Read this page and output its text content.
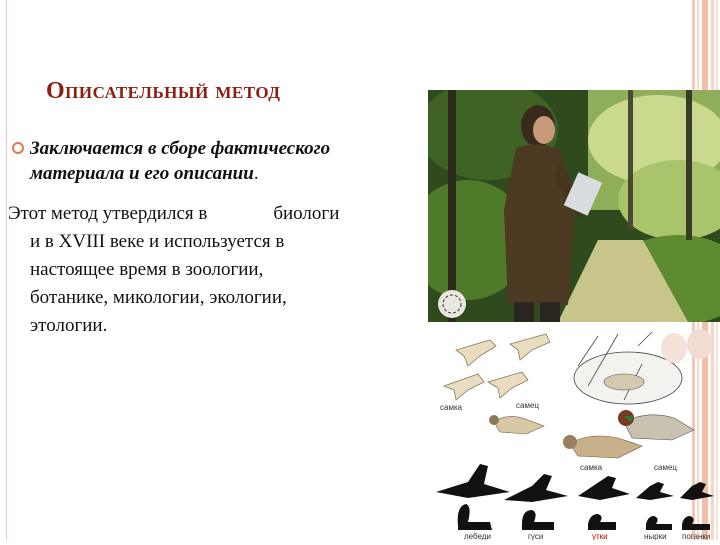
Описательный метод
Заключается в сборе фактического материала и его описании.
Этот метод утвердился в	биологи
и в XVIII веке и используется в
настоящее время в зоологии,
ботанике, микологии, экологии,
этологии.
самка	самец
самка	самец
лебеди	гуси	утки	нырки поганки
